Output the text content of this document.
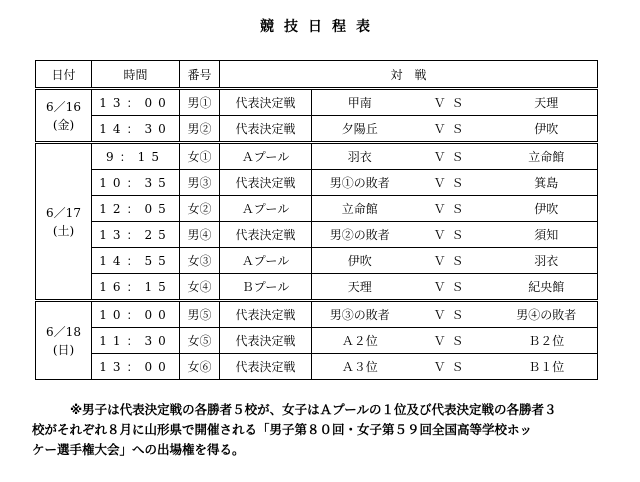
競技日程表
日付	時間	番号	対　戦			

6／16
(金)	13：00	男①	代表決定戦	甲南	ＶＳ	天理
	14：30	男②	代表決定戦	夕陽丘	ＶＳ	伊吹

6／17
(土)	9：15	女①	Ａプール	羽衣	ＶＳ	立命館
	10：35	男③	代表決定戦	男①の敗者	ＶＳ	箕島
	12：05	女②	Ａプール	立命館	ＶＳ	伊吹
	13：25	男④	代表決定戦	男②の敗者	ＶＳ	須知
	14：55	女③	Ａプール	伊吹	ＶＳ	羽衣
	16：15	女④	Ｂプール	天理	ＶＳ	紀央館

6／18
(日)	10：00	男⑤	代表決定戦	男③の敗者	ＶＳ	男④の敗者
	11：30	女⑤	代表決定戦	Ａ２位	ＶＳ	Ｂ２位
	13：00	女⑥	代表決定戦	Ａ３位	ＶＳ	Ｂ１位
※男子は代表決定戦の各勝者５校が、女子はＡプールの１位及び代表決定戦の各勝者３
校がそれぞれ８月に山形県で開催される「男子第８０回・女子第５９回全国高等学校ホッ
ケー選手権大会」への出場権を得る。
